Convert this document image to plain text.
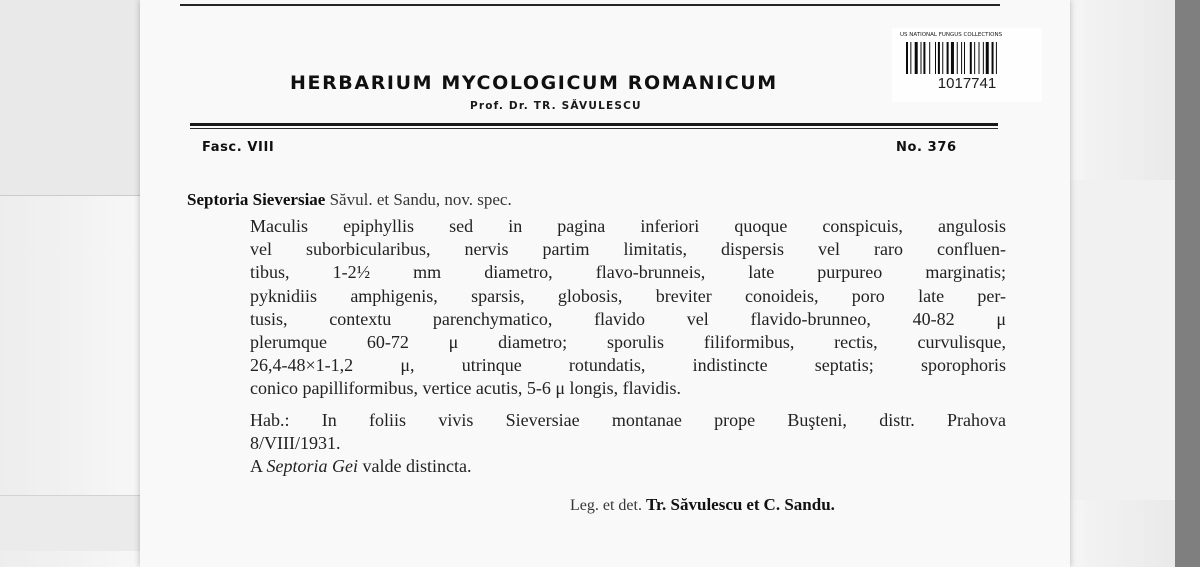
HERBARIUM MYCOLOGICUM ROMANICUM
Prof. Dr. TR. SĂVULESCU
US NATIONAL FUNGUS COLLECTIONS
1017741
Fasc. VIII	No. 376
Septoria Sieversiae Săvul. et Sandu, nov. spec.
Maculis epiphyllis sed in pagina inferiori quoque conspicuis, angulosis
vel suborbicularibus, nervis partim limitatis, dispersis vel raro confluen-
tibus, 1-2½ mm diametro, flavo-brunneis, late purpureo marginatis;
pyknidiis amphigenis, sparsis, globosis, breviter conoideis, poro late per-
tusis, contextu parenchymatico, flavido vel flavido-brunneo, 40-82 μ
plerumque 60-72 μ diametro; sporulis filiformibus, rectis, curvulisque,
26,4-48×1-1,2 μ, utrinque rotundatis, indistincte septatis; sporophoris
conico papilliformibus, vertice acutis, 5-6 μ longis, flavidis.
Hab.: In foliis vivis Sieversiae montanae prope Buşteni, distr. Prahova
8/VIII/1931.
A Septoria Gei valde distincta.
Leg. et det. Tr. Săvulescu et C. Sandu.
